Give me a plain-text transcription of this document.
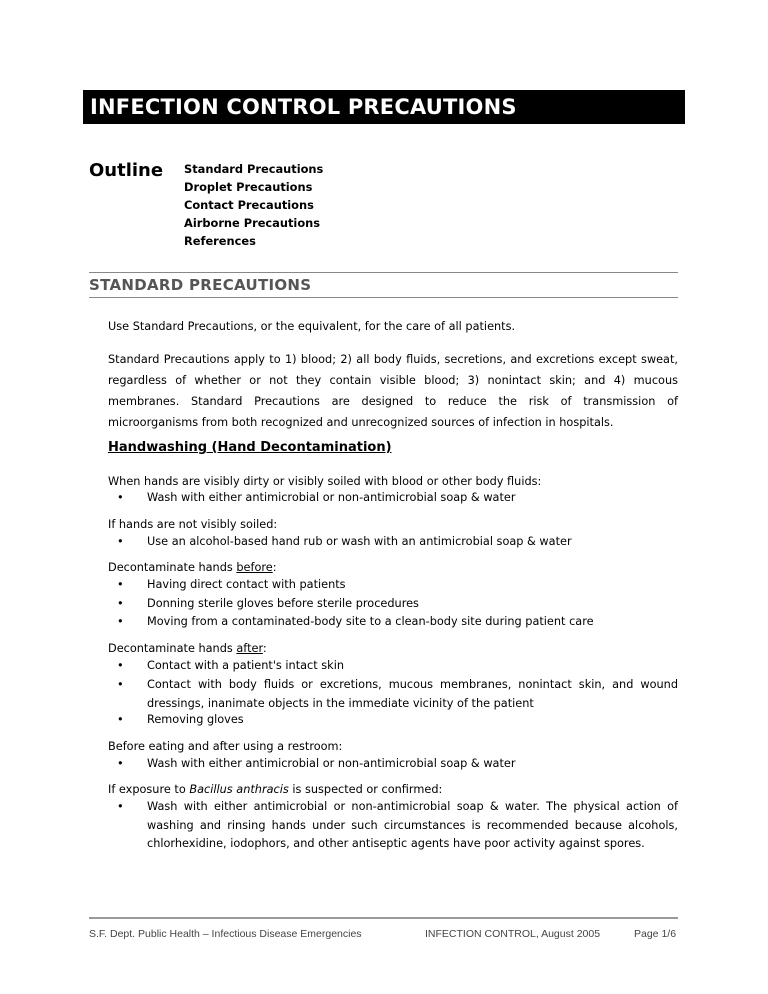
INFECTION CONTROL PRECAUTIONS
Outline Standard Precautions
Droplet Precautions
Contact Precautions
Airborne Precautions
References
STANDARD PRECAUTIONS
Use Standard Precautions, or the equivalent, for the care of all patients.
Standard Precautions apply to 1) blood; 2) all body fluids, secretions, and excretions except sweat, regardless of whether or not they contain visible blood; 3) nonintact skin; and 4) mucous membranes. Standard Precautions are designed to reduce the risk of transmission of microorganisms from both recognized and unrecognized sources of infection in hospitals.
Handwashing (Hand Decontamination)
When hands are visibly dirty or visibly soiled with blood or other body fluids:
• Wash with either antimicrobial or non-antimicrobial soap & water
If hands are not visibly soiled:
• Use an alcohol-based hand rub or wash with an antimicrobial soap & water
Decontaminate hands before:
• Having direct contact with patients
• Donning sterile gloves before sterile procedures
• Moving from a contaminated-body site to a clean-body site during patient care
Decontaminate hands after:
• Contact with a patient's intact skin
• Contact with body fluids or excretions, mucous membranes, nonintact skin, and wound dressings, inanimate objects in the immediate vicinity of the patient
• Removing gloves
Before eating and after using a restroom:
• Wash with either antimicrobial or non-antimicrobial soap & water
If exposure to Bacillus anthracis is suspected or confirmed:
• Wash with either antimicrobial or non-antimicrobial soap & water. The physical action of washing and rinsing hands under such circumstances is recommended because alcohols, chlorhexidine, iodophors, and other antiseptic agents have poor activity against spores.
S.F. Dept. Public Health – Infectious Disease Emergencies	INFECTION CONTROL, August 2005	Page 1/6
